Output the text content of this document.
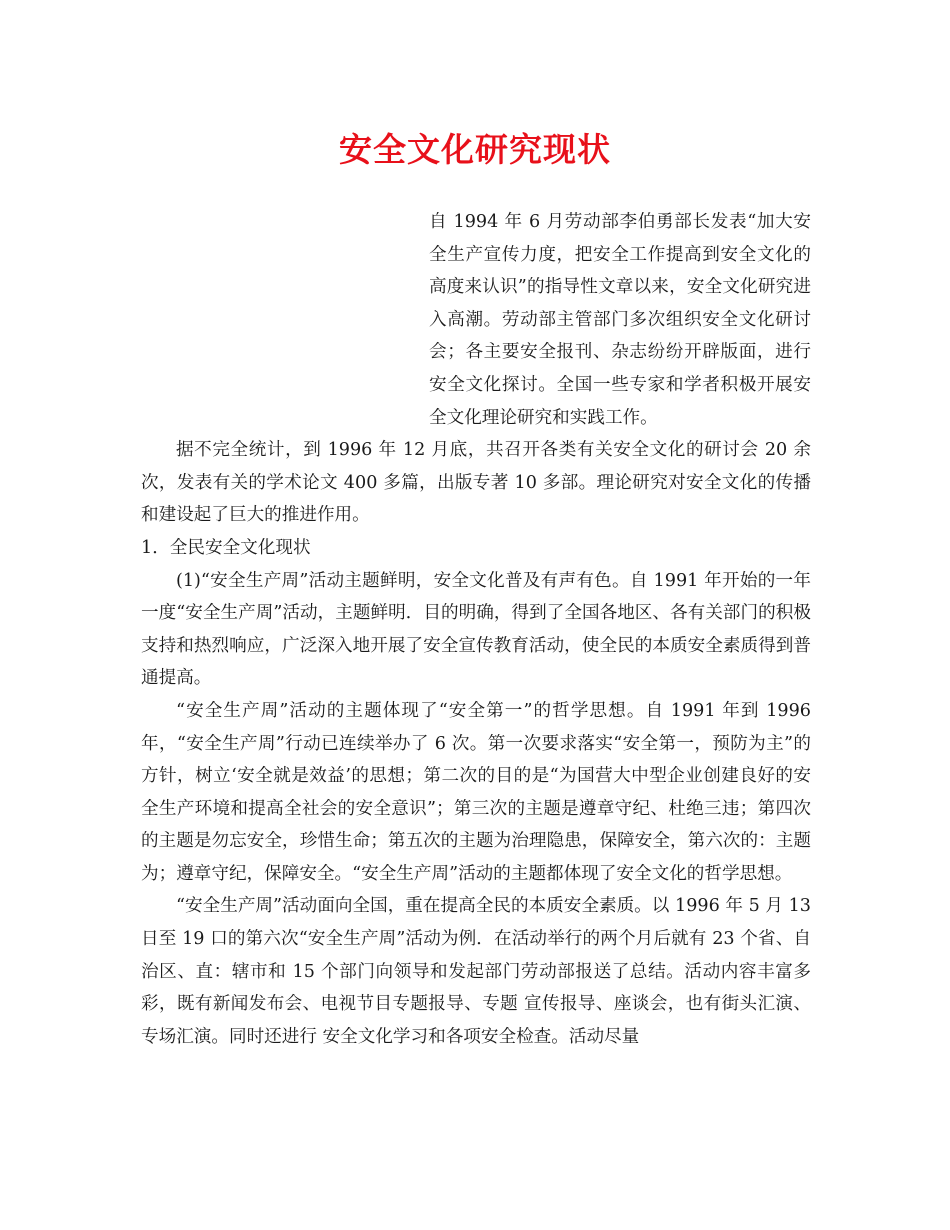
安全文化研究现状

自 1994 年 6 月劳动部李伯勇部长发表“加大安全生产宣传力度，把安全工作提高到安全文化的高度来认识”的指导性文章以来，安全文化研究进入高潮。劳动部主管部门多次组织安全文化研讨会；各主要安全报刊、杂志纷纷开辟版面，进行安全文化探讨。全国一些专家和学者积极开展安全文化理论研究和实践工作。

据不完全统计，到 1996 年 12 月底，共召开各类有关安全文化的研讨会 20 余次，发表有关的学术论文 400 多篇，出版专著 10 多部。理论研究对安全文化的传播和建设起了巨大的推进作用。

1．全民安全文化现状

(1)“安全生产周”活动主题鲜明，安全文化普及有声有色。自 1991 年开始的一年一度“安全生产周”活动，主题鲜明．目的明确，得到了全国各地区、各有关部门的积极支持和热烈响应，广泛深入地开展了安全宣传教育活动，使全民的本质安全素质得到普通提高。

“安全生产周”活动的主题体现了“安全第一”的哲学思想。自 1991 年到 1996 年，“安全生产周”行动已连续举办了 6 次。第一次要求落实“安全第一，预防为主”的方针，树立‘安全就是效益’的思想；第二次的目的是“为国营大中型企业创建良好的安全生产环境和提高全社会的安全意识”；第三次的主题是遵章守纪、杜绝三违；第四次的主题是勿忘安全，珍惜生命；第五次的主题为治理隐患，保障安全，第六次的：主题为；遵章守纪，保障安全。“安全生产周”活动的主题都体现了安全文化的哲学思想。

“安全生产周”活动面向全国，重在提高全民的本质安全素质。以 1996 年 5 月 13 日至 19 口的第六次“安全生产周”活动为例．在活动举行的两个月后就有 23 个省、自治区、直：辖市和 15 个部门向领导和发起部门劳动部报送了总结。活动内容丰富多彩，既有新闻发布会、电视节目专题报导、专题 宣传报导、座谈会，也有街头汇演、专场汇演。同时还进行 安全文化学习和各项安全检查。活动尽量
